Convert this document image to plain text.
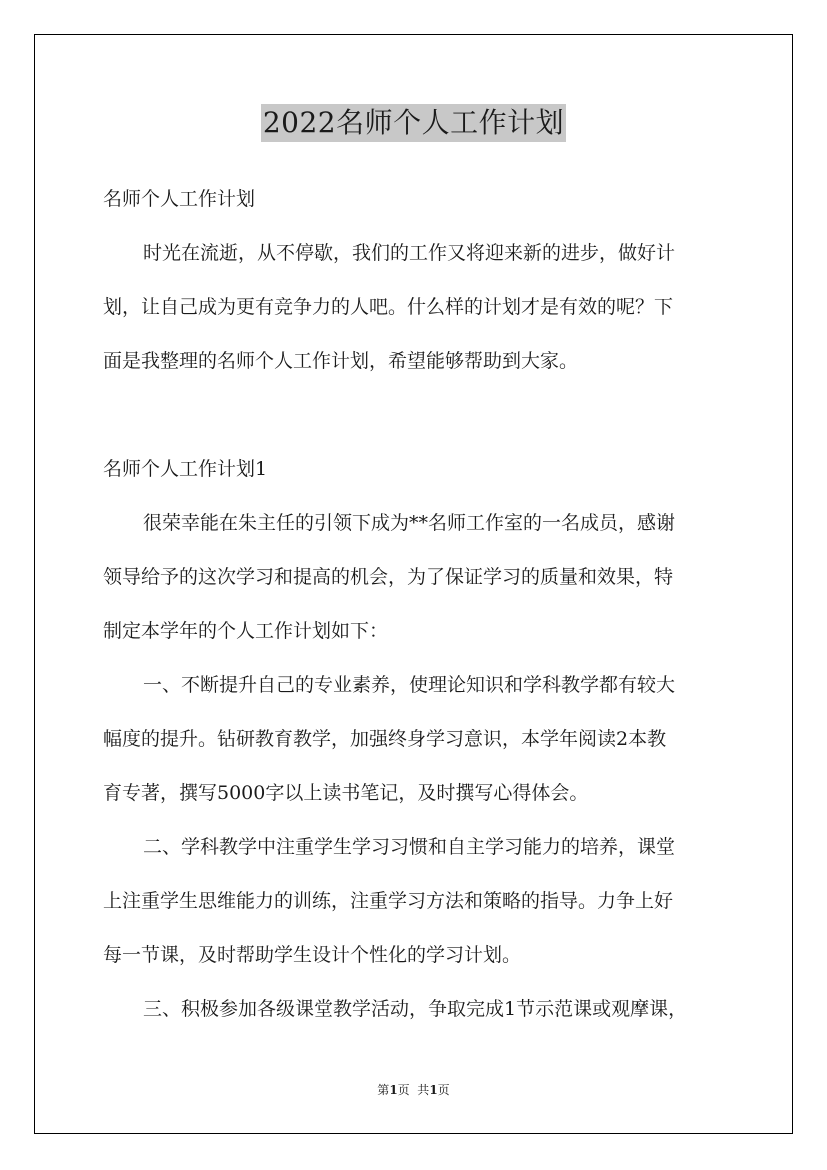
2022名师个人工作计划
名师个人工作计划
时光在流逝，从不停歇，我们的工作又将迎来新的进步，做好计
划，让自己成为更有竞争力的人吧。什么样的计划才是有效的呢？下
面是我整理的名师个人工作计划，希望能够帮助到大家。
名师个人工作计划1
很荣幸能在朱主任的引领下成为**名师工作室的一名成员，感谢
领导给予的这次学习和提高的机会，为了保证学习的质量和效果，特
制定本学年的个人工作计划如下：
一、不断提升自己的专业素养，使理论知识和学科教学都有较大
幅度的提升。钻研教育教学，加强终身学习意识，本学年阅读2本教
育专著，撰写5000字以上读书笔记，及时撰写心得体会。
二、学科教学中注重学生学习习惯和自主学习能力的培养，课堂
上注重学生思维能力的训练，注重学习方法和策略的指导。力争上好
每一节课，及时帮助学生设计个性化的学习计划。
三、积极参加各级课堂教学活动，争取完成1节示范课或观摩课，
第1页  共1页
